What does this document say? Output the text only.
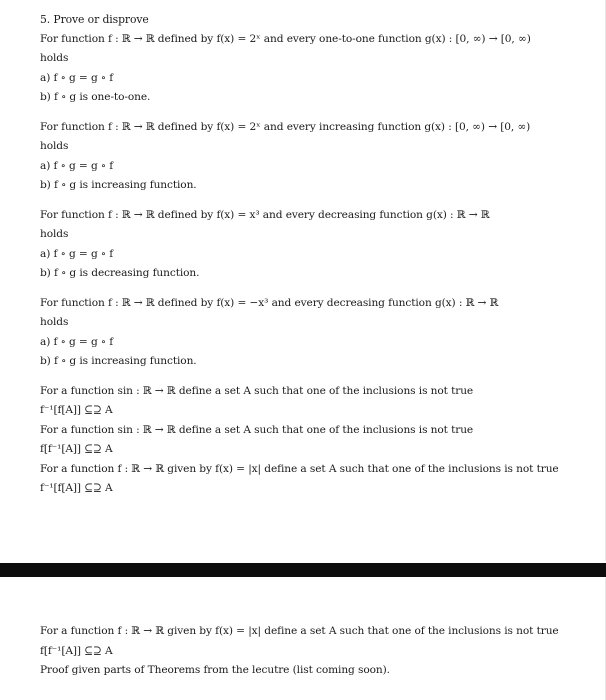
5. Prove or disprove
For function f : ℝ → ℝ defined by f(x) = 2ˣ and every one-to-one function g(x) : [0, ∞) → [0, ∞)
holds
a) f ∘ g = g ∘ f
b) f ∘ g is one-to-one.
For function f : ℝ → ℝ defined by f(x) = 2ˣ and every increasing function g(x) : [0, ∞) → [0, ∞)
holds
a) f ∘ g = g ∘ f
b) f ∘ g is increasing function.
For function f : ℝ → ℝ defined by f(x) = x³ and every decreasing function g(x) : ℝ → ℝ
holds
a) f ∘ g = g ∘ f
b) f ∘ g is decreasing function.
For function f : ℝ → ℝ defined by f(x) = −x³ and every decreasing function g(x) : ℝ → ℝ
holds
a) f ∘ g = g ∘ f
b) f ∘ g is increasing function.
For a function sin : ℝ → ℝ define a set A such that one of the inclusions is not true
f⁻¹[f[A]] ⊆⊇ A
For a function sin : ℝ → ℝ define a set A such that one of the inclusions is not true
f[f⁻¹[A]] ⊆⊇ A
For a function f : ℝ → ℝ given by f(x) = |x| define a set A such that one of the inclusions is not true
f⁻¹[f[A]] ⊆⊇ A
For a function f : ℝ → ℝ given by f(x) = |x| define a set A such that one of the inclusions is not true
f[f⁻¹[A]] ⊆⊇ A
Proof given parts of Theorems from the lecutre (list coming soon).
